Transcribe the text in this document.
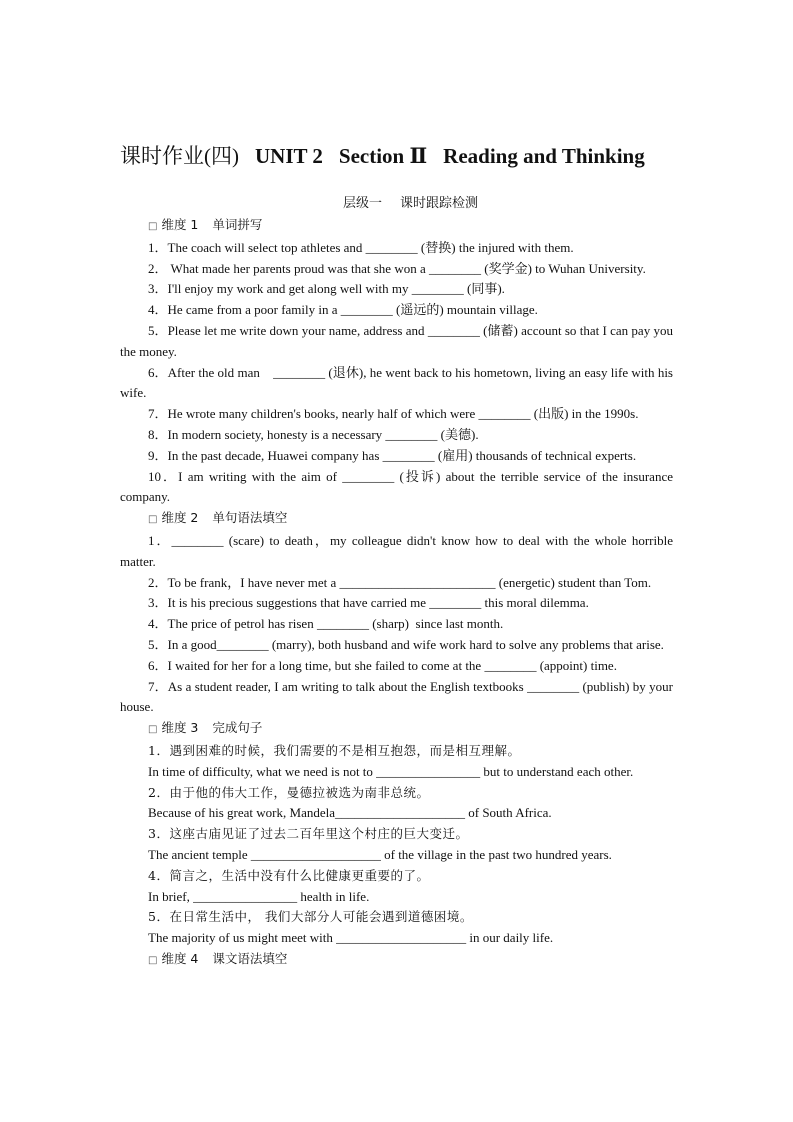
课时作业(四) UNIT 2 Section Ⅱ Reading and Thinking
层级一 课时跟踪检测
□ 维度 1 单词拼写

1．The coach will select top athletes and ________ (替换) the injured with them.

2． What made her parents proud was that she won a ________ (奖学金) to Wuhan University.

3．I'll enjoy my work and get along well with my ________ (同事).

4．He came from a poor family in a ________ (遥远的) mountain village.

5．Please let me write down your name, address and ________ (储蓄) account so that I can pay you the money.

6．After the old man    ________ (退休), he went back to his hometown, living an easy life with his wife.

7．He wrote many children's books, nearly half of which were ________ (出版) in the 1990s.

8．In modern society, honesty is a necessary ________ (美德).

9．In the past decade, Huawei company has ________ (雇用) thousands of technical experts.

10．I am writing with the aim of ________ (投诉) about the terrible service of the insurance company.

□ 维度 2 单句语法填空

1．________ (scare) to death，my colleague didn't know how to deal with the whole horrible matter.

2．To be frank，I have never met a ________________________ (energetic) student than Tom.

3．It is his precious suggestions that have carried me ________ this moral dilemma.

4．The price of petrol has risen ________ (sharp)  since last month.

5．In a good________ (marry), both husband and wife work hard to solve any problems that arise.

6．I waited for her for a long time, but she failed to come at the ________ (appoint) time.

7．As a student reader, I am writing to talk about the English textbooks ________ (publish) by your house.

□ 维度 3 完成句子

1．遇到困难的时候，我们需要的不是相互抱怨，而是相互理解。

In time of difficulty, what we need is not to ________________ but to understand each other.

2．由于他的伟大工作，曼德拉被选为南非总统。

Because of his great work, Mandela____________________ of South Africa.

3．这座古庙见证了过去二百年里这个村庄的巨大变迁。

The ancient temple ____________________ of the village in the past two hundred years.

4．简言之，生活中没有什么比健康更重要的了。

In brief, ________________ health in life.

5．在日常生活中， 我们大部分人可能会遇到道德困境。

The majority of us might meet with ____________________ in our daily life.

□ 维度 4 课文语法填空
